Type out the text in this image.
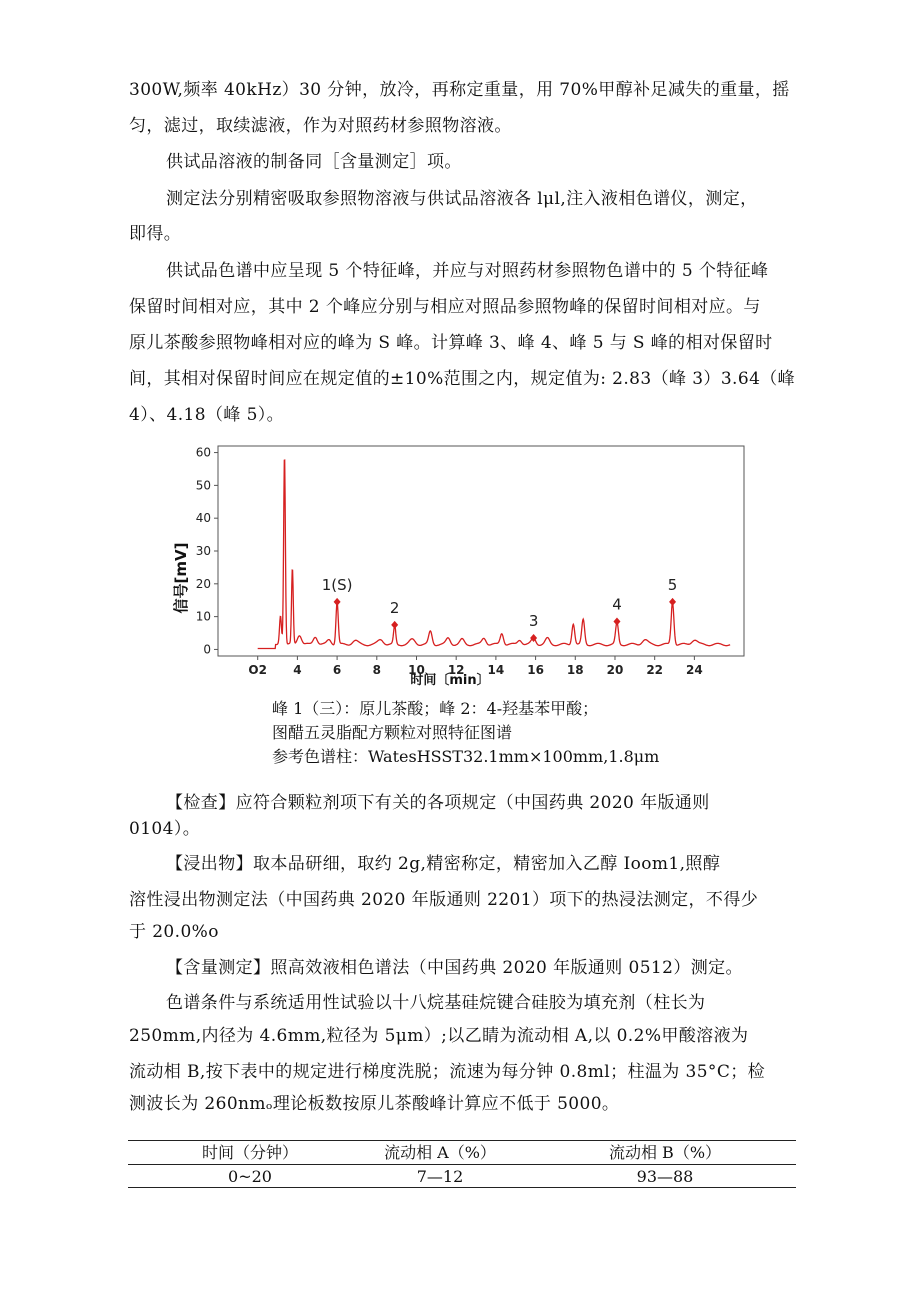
300W,频率 40kHz）30 分钟，放冷，再称定重量，用 70%甲醇补足减失的重量，摇
匀，滤过，取续滤液，作为对照药材参照物溶液。
供试品溶液的制备同［含量测定］项。
测定法分别精密吸取参照物溶液与供试品溶液各 lμl,注入液相色谱仪，测定，
即得。
供试品色谱中应呈现 5 个特征峰，并应与对照药材参照物色谱中的 5 个特征峰
保留时间相对应，其中 2 个峰应分别与相应对照品参照物峰的保留时间相对应。与
原儿茶酸参照物峰相对应的峰为 S 峰。计算峰 3、峰 4、峰 5 与 S 峰的相对保留时
间，其相对保留时间应在规定值的±10%范围之内，规定值为: 2.83（峰 3）3.64（峰
4）、4.18（峰 5）。
信号[mV]
时间〔min〕
0
10
20
30
40
50
60
O2 4	6	8 10 12 14 16 18 20 22 24
1(S)
2
3
4
5
峰 1（三）：原儿茶酸；峰 2：4-羟基苯甲酸；
图醋五灵脂配方颗粒对照特征图谱
参考色谱柱：WatesHSST32.1mm×100mm,1.8μm
【检查】应符合颗粒剂项下有关的各项规定（中国药典 2020 年版通则
0104）。
【浸出物】取本品研细，取约 2g,精密称定，精密加入乙醇 Ioom1,照醇
溶性浸出物测定法（中国药典 2020 年版通则 2201）项下的热浸法测定，不得少
于 20.0%o
【含量测定】照高效液相色谱法（中国药典 2020 年版通则 0512）测定。
色谱条件与系统适用性试验以十八烷基硅烷键合硅胶为填充剂（柱长为
250mm,内径为 4.6mm,粒径为 5μm）;以乙睛为流动相 A,以 0.2%甲酸溶液为
流动相 B,按下表中的规定进行梯度洗脱；流速为每分钟 0.8ml；柱温为 35°C；检
测波长为 260nmₒ理论板数按原儿茶酸峰计算应不低于 5000。
时间（分钟）	流动相 A（%）	流动相 B（%）
0~20	7—12	93—88
